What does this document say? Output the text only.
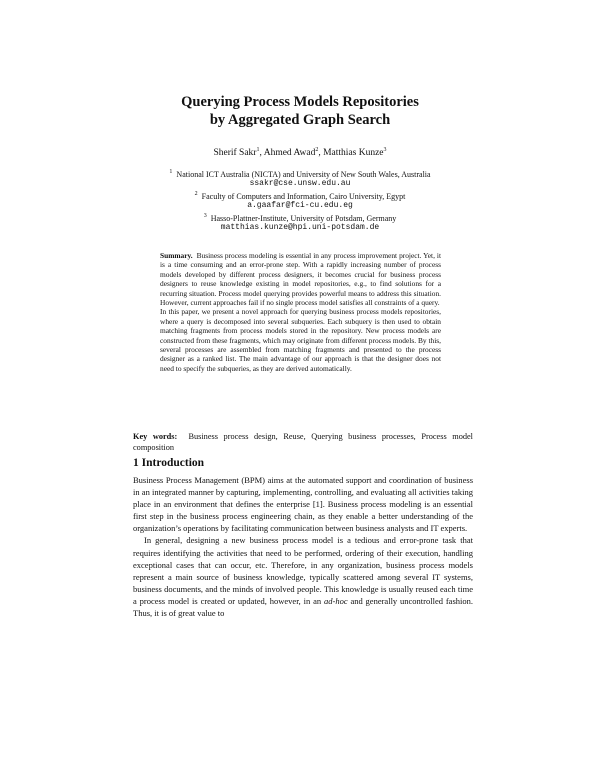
Querying Process Models Repositories
by Aggregated Graph Search
Sherif Sakr$^1$, Ahmed Awad$^2$, Matthias Kunze$^3$
$^1$ National ICT Australia (NICTA) and University of New South Wales, Australia
ssakr@cse.unsw.edu.au
$^2$ Faculty of Computers and Information, Cairo University, Egypt
a.gaafar@fci-cu.edu.eg
$^3$ Hasso-Plattner-Institute, University of Potsdam, Germany
matthias.kunze@hpi.uni-potsdam.de

Summary. Business process modeling is essential in any process improvement project. Yet, it is a time consuming and an error-prone step. With a rapidly increasing number of process models developed by different process designers, it becomes crucial for business process designers to reuse knowledge existing in model repositories, e.g., to find solutions for a recurring situation. Process model querying provides powerful means to address this situation. However, current approaches fail if no single process model satisfies all constraints of a query.

In this paper, we present a novel approach for querying business process models repositories, where a query is decomposed into several subqueries. Each subquery is then used to obtain matching fragments from process models stored in the repository. New process models are constructed from these fragments, which may originate from different process models. By this, several processes are assembled from matching fragments and presented to the process designer as a ranked list. The main advantage of our approach is that the designer does not need to specify the subqueries, as they are derived automatically.

Key words: Business process design, Reuse, Querying business processes, Process model composition
1 Introduction

Business Process Management (BPM) aims at the automated support and coordination of business in an integrated manner by capturing, implementing, controlling, and evaluating all activities taking place in an environment that defines the enterprise [1]. Business process modeling is an essential first step in the business process engineering chain, as they enable a better understanding of the organization’s operations by facilitating communication between business analysts and IT experts.

In general, designing a new business process model is a tedious and error-prone task that requires identifying the activities that need to be performed, ordering of their execution, handling exceptional cases that can occur, etc. Therefore, in any organization, business process models represent a main source of business knowledge, typically scattered among several IT systems, business documents, and the minds of involved people. This knowledge is usually reused each time a process model is created or updated, however, in an ad-hoc and generally uncontrolled fashion. Thus, it is of great value to
